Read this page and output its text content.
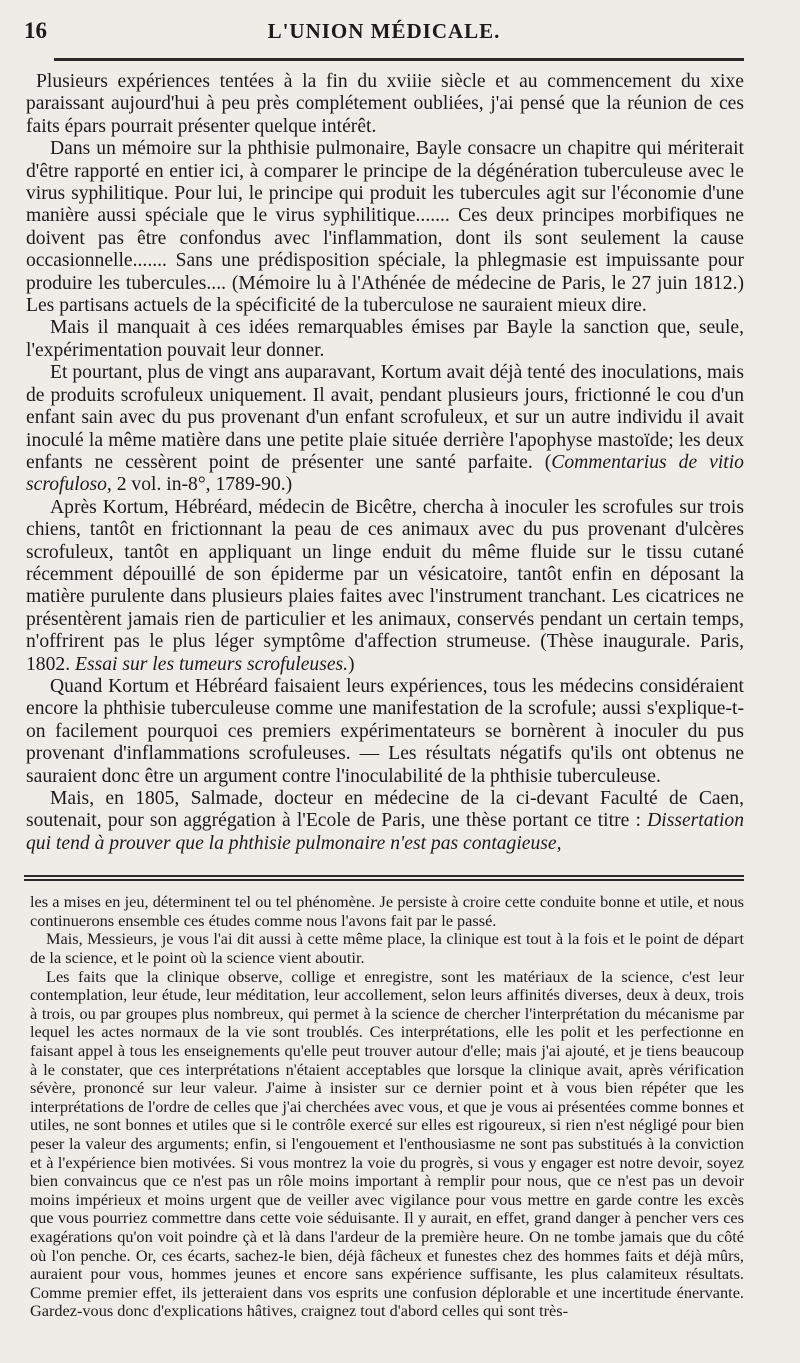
16	L'UNION MÉDICALE.

Plusieurs expériences tentées à la fin du xviiie siècle et au commencement du xixe paraissant aujourd'hui à peu près complétement oubliées, j'ai pensé que la réunion de ces faits épars pourrait présenter quelque intérêt.

Dans un mémoire sur la phthisie pulmonaire, Bayle consacre un chapitre qui mériterait d'être rapporté en entier ici, à comparer le principe de la dégénération tuberculeuse avec le virus syphilitique. Pour lui, le principe qui produit les tubercules agit sur l'économie d'une manière aussi spéciale que le virus syphilitique....... Ces deux principes morbifiques ne doivent pas être confondus avec l'inflammation, dont ils sont seulement la cause occasionnelle....... Sans une prédisposition spéciale, la phlegmasie est impuissante pour produire les tubercules.... (Mémoire lu à l'Athénée de médecine de Paris, le 27 juin 1812.) Les partisans actuels de la spécificité de la tuberculose ne sauraient mieux dire.

Mais il manquait à ces idées remarquables émises par Bayle la sanction que, seule, l'expérimentation pouvait leur donner.

Et pourtant, plus de vingt ans auparavant, Kortum avait déjà tenté des inoculations, mais de produits scrofuleux uniquement. Il avait, pendant plusieurs jours, frictionné le cou d'un enfant sain avec du pus provenant d'un enfant scrofuleux, et sur un autre individu il avait inoculé la même matière dans une petite plaie située derrière l'apophyse mastoïde; les deux enfants ne cessèrent point de présenter une santé parfaite. (Commentarius de vitio scrofuloso, 2 vol. in-8°, 1789-90.)

Après Kortum, Hébréard, médecin de Bicêtre, chercha à inoculer les scrofules sur trois chiens, tantôt en frictionnant la peau de ces animaux avec du pus provenant d'ulcères scrofuleux, tantôt en appliquant un linge enduit du même fluide sur le tissu cutané récemment dépouillé de son épiderme par un vésicatoire, tantôt enfin en déposant la matière purulente dans plusieurs plaies faites avec l'instrument tranchant. Les cicatrices ne présentèrent jamais rien de particulier et les animaux, conservés pendant un certain temps, n'offrirent pas le plus léger symptôme d'affection strumeuse. (Thèse inaugurale. Paris, 1802. Essai sur les tumeurs scrofuleuses.)

Quand Kortum et Hébréard faisaient leurs expériences, tous les médecins considéraient encore la phthisie tuberculeuse comme une manifestation de la scrofule; aussi s'explique-t-on facilement pourquoi ces premiers expérimentateurs se bornèrent à inoculer du pus provenant d'inflammations scrofuleuses. — Les résultats négatifs qu'ils ont obtenus ne sauraient donc être un argument contre l'inoculabilité de la phthisie tuberculeuse.

Mais, en 1805, Salmade, docteur en médecine de la ci-devant Faculté de Caen, soutenait, pour son aggrégation à l'Ecole de Paris, une thèse portant ce titre : Dissertation qui tend à prouver que la phthisie pulmonaire n'est pas contagieuse,

les a mises en jeu, déterminent tel ou tel phénomène. Je persiste à croire cette conduite bonne et utile, et nous continuerons ensemble ces études comme nous l'avons fait par le passé.

Mais, Messieurs, je vous l'ai dit aussi à cette même place, la clinique est tout à la fois et le point de départ de la science, et le point où la science vient aboutir.

Les faits que la clinique observe, collige et enregistre, sont les matériaux de la science, c'est leur contemplation, leur étude, leur méditation, leur accollement, selon leurs affinités diverses, deux à deux, trois à trois, ou par groupes plus nombreux, qui permet à la science de chercher l'interprétation du mécanisme par lequel les actes normaux de la vie sont troublés. Ces interprétations, elle les polit et les perfectionne en faisant appel à tous les enseignements qu'elle peut trouver autour d'elle; mais j'ai ajouté, et je tiens beaucoup à le constater, que ces interprétations n'étaient acceptables que lorsque la clinique avait, après vérification sévère, prononcé sur leur valeur. J'aime à insister sur ce dernier point et à vous bien répéter que les interprétations de l'ordre de celles que j'ai cherchées avec vous, et que je vous ai présentées comme bonnes et utiles, ne sont bonnes et utiles que si le contrôle exercé sur elles est rigoureux, si rien n'est négligé pour bien peser la valeur des arguments; enfin, si l'engouement et l'enthousiasme ne sont pas substitués à la conviction et à l'expérience bien motivées. Si vous montrez la voie du progrès, si vous y engager est notre devoir, soyez bien convaincus que ce n'est pas un rôle moins important à remplir pour nous, que ce n'est pas un devoir moins impérieux et moins urgent que de veiller avec vigilance pour vous mettre en garde contre les excès que vous pourriez commettre dans cette voie séduisante. Il y aurait, en effet, grand danger à pencher vers ces exagérations qu'on voit poindre çà et là dans l'ardeur de la première heure. On ne tombe jamais que du côté où l'on penche. Or, ces écarts, sachez-le bien, déjà fâcheux et funestes chez des hommes faits et déjà mûrs, auraient pour vous, hommes jeunes et encore sans expérience suffisante, les plus calamiteux résultats. Comme premier effet, ils jetteraient dans vos esprits une confusion déplorable et une incertitude énervante. Gardez-vous donc d'explications hâtives, craignez tout d'abord celles qui sont très-
